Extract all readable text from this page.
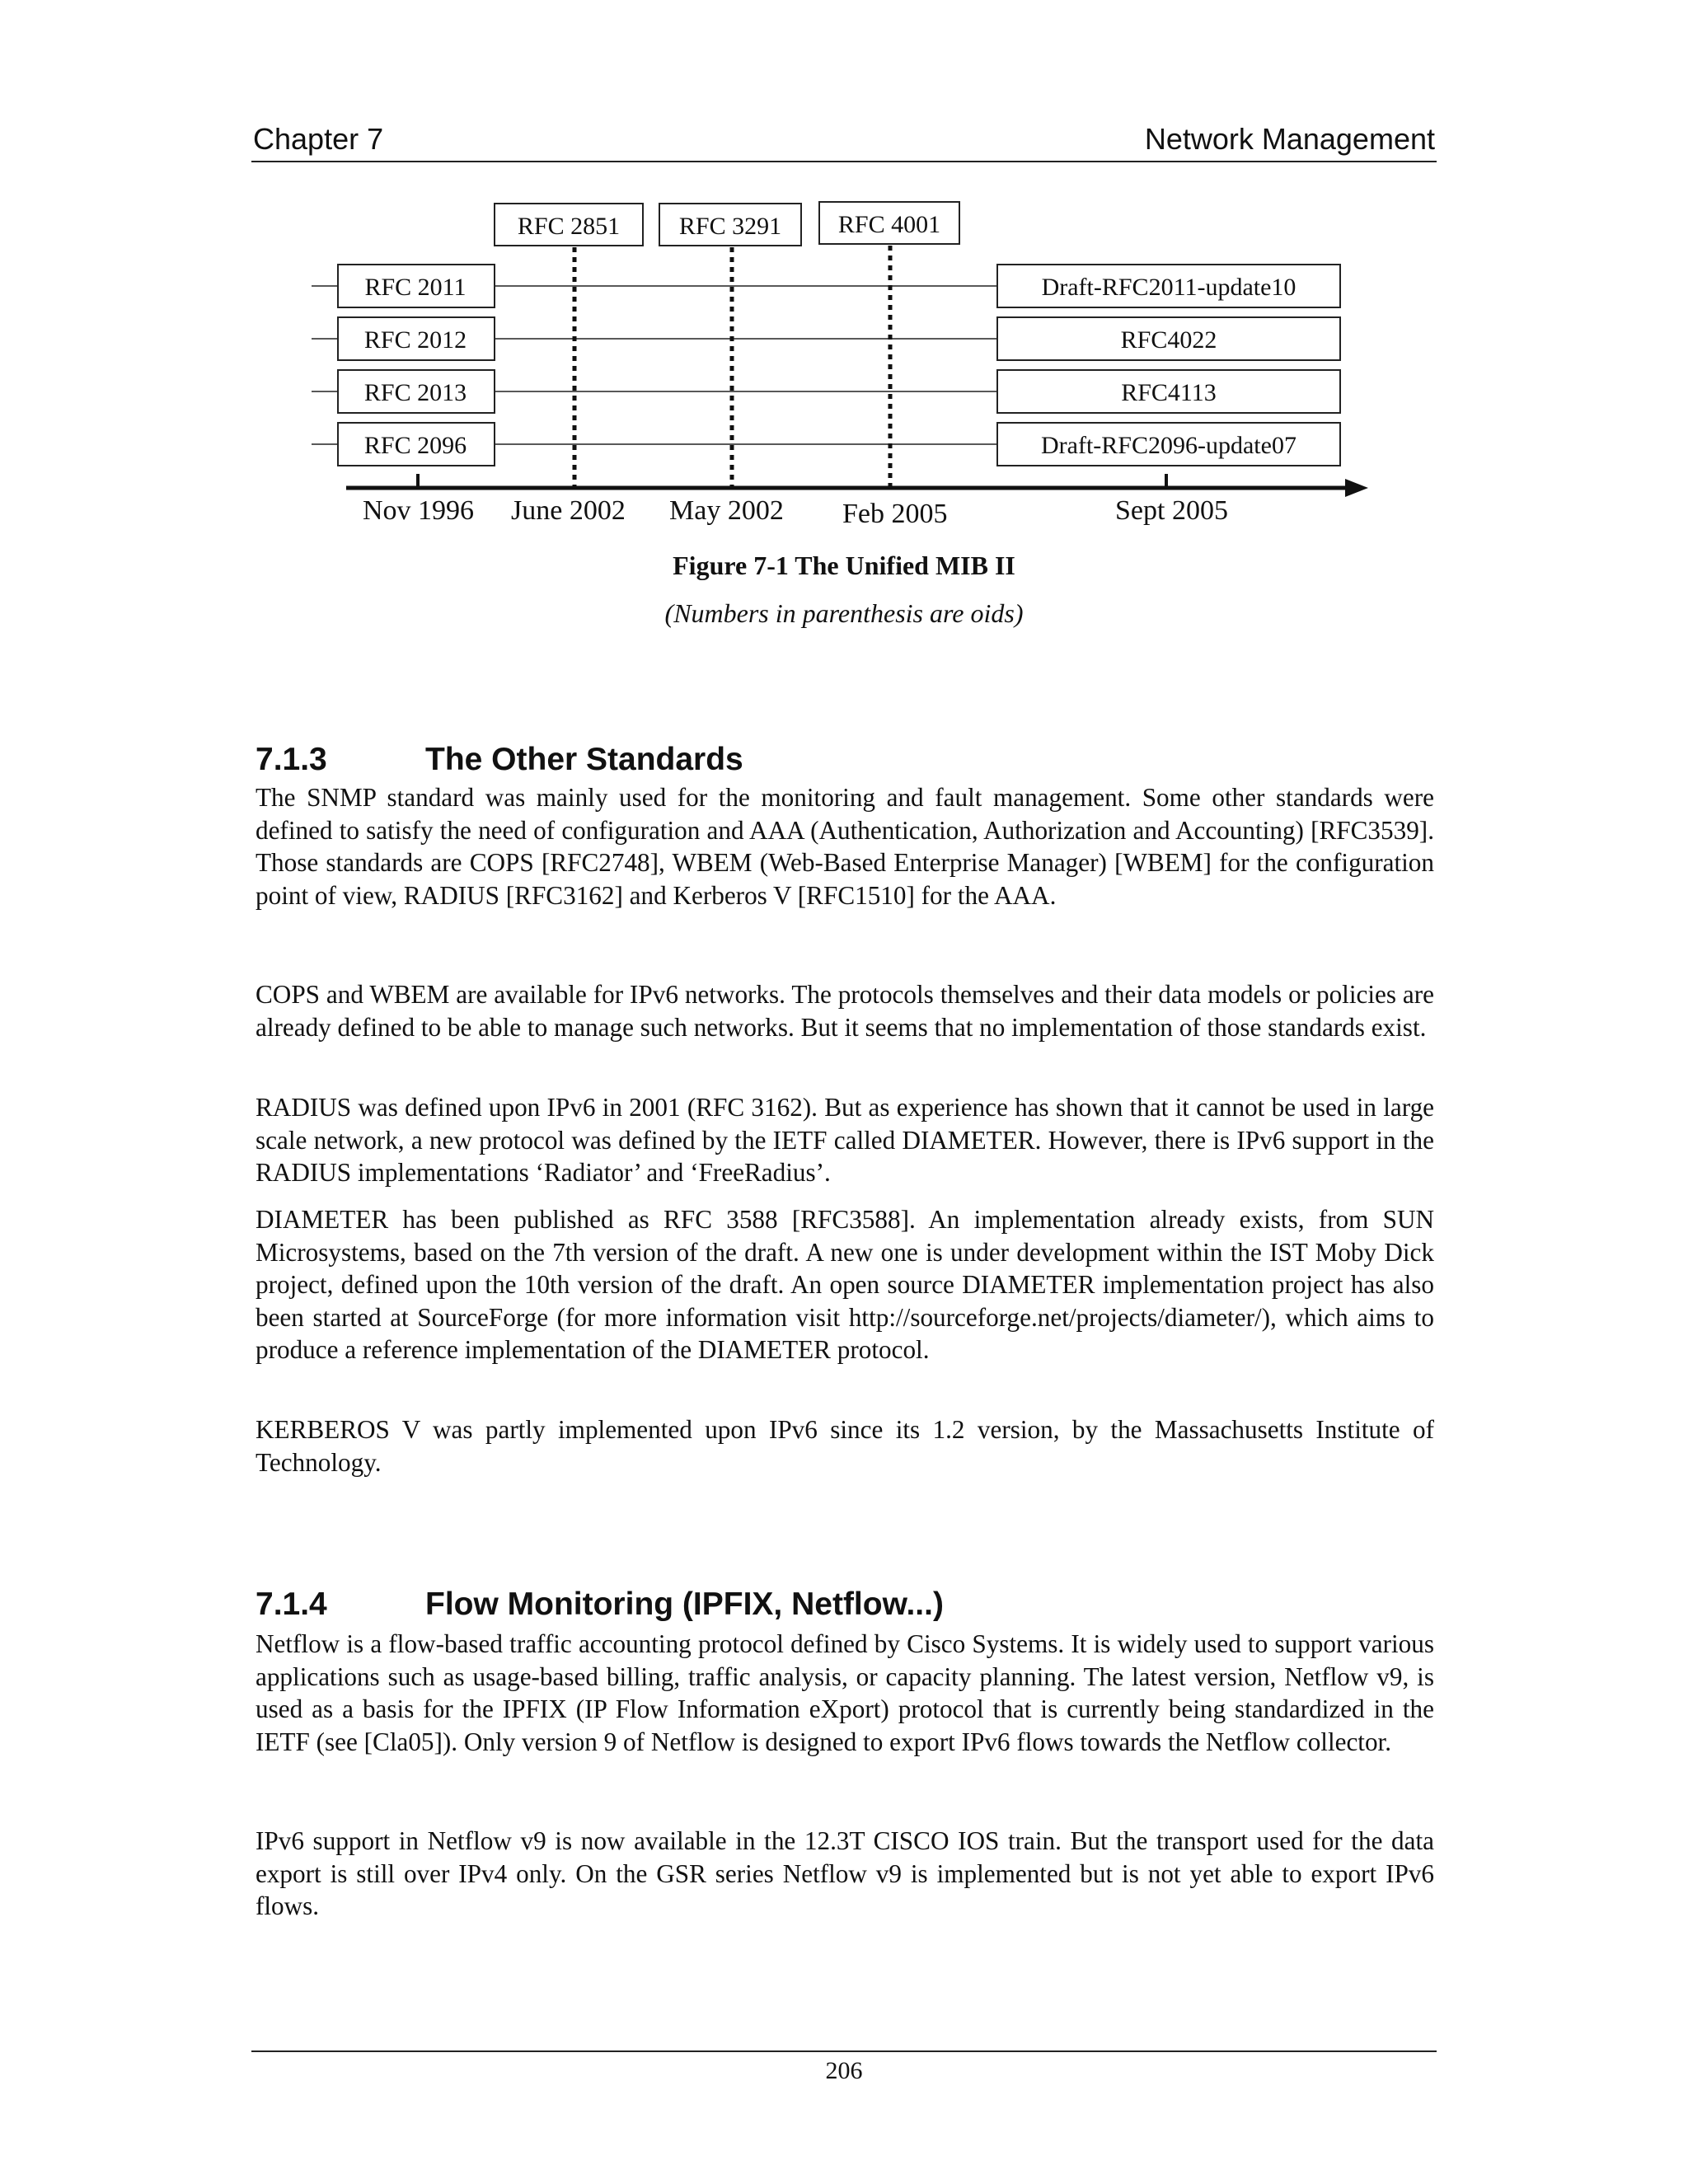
Chapter 7	Network Management
RFC 2851 RFC 3291 RFC 4001
RFC 2011
RFC 2012
RFC 2013
RFC 2096
Draft-RFC2011-update10
RFC4022
RFC4113
Draft-RFC2096-update07
Nov 1996 June 2002 May 2002 Feb 2005	Sept 2005
Figure 7-1 The Unified MIB II
(Numbers in parenthesis are oids)
7.1.3	The Other Standards

The SNMP standard was mainly used for the monitoring and fault management. Some other standards were defined to satisfy the need of configuration and AAA (Authentication, Authorization and Accounting) [RFC3539]. Those standards are COPS [RFC2748], WBEM (Web-Based Enterprise Manager) [WBEM] for the configuration point of view, RADIUS [RFC3162] and Kerberos V [RFC1510] for the AAA.

COPS and WBEM are available for IPv6 networks. The protocols themselves and their data models or policies are already defined to be able to manage such networks. But it seems that no implementation of those standards exist.

RADIUS was defined upon IPv6 in 2001 (RFC 3162). But as experience has shown that it cannot be used in large scale network, a new protocol was defined by the IETF called DIAMETER. However, there is IPv6 support in the RADIUS implementations ‘Radiator’ and ‘FreeRadius’.

DIAMETER has been published as RFC 3588 [RFC3588]. An implementation already exists, from SUN Microsystems, based on the 7th version of the draft. A new one is under development within the IST Moby Dick project, defined upon the 10th version of the draft. An open source DIAMETER implementation project has also been started at SourceForge (for more information visit http://sourceforge.net/projects/diameter/), which aims to produce a reference implementation of the DIAMETER protocol.

KERBEROS V was partly implemented upon IPv6 since its 1.2 version, by the Massachusetts Institute of Technology.

7.1.4	Flow Monitoring (IPFIX, Netflow...)

Netflow is a flow-based traffic accounting protocol defined by Cisco Systems. It is widely used to support various applications such as usage-based billing, traffic analysis, or capacity planning. The latest version, Netflow v9, is used as a basis for the IPFIX (IP Flow Information eXport) protocol that is currently being standardized in the IETF (see [Cla05]). Only version 9 of Netflow is designed to export IPv6 flows towards the Netflow collector.

IPv6 support in Netflow v9 is now available in the 12.3T CISCO IOS train. But the transport used for the data export is still over IPv4 only. On the GSR series Netflow v9 is implemented but is not yet able to export IPv6 flows.

206
